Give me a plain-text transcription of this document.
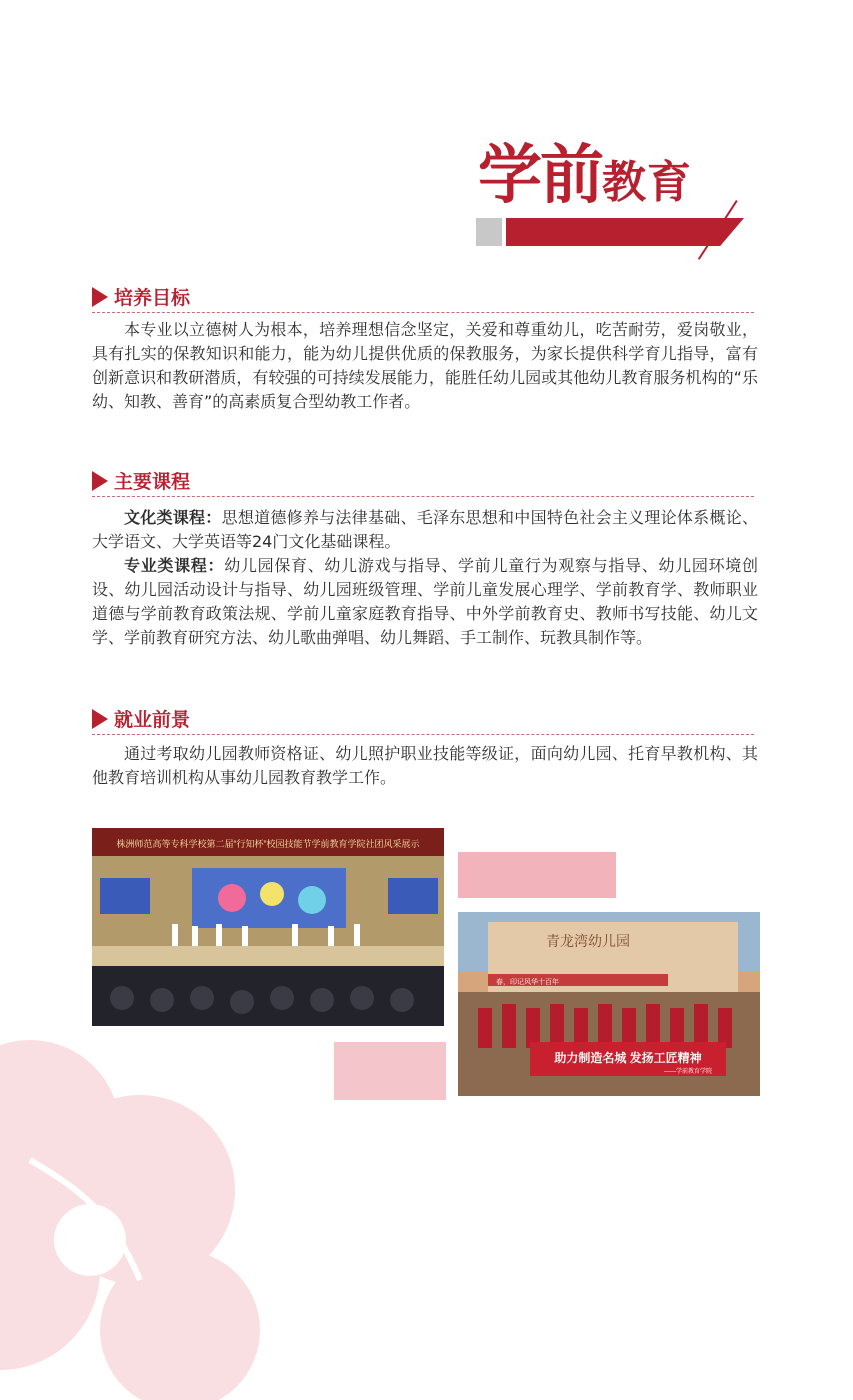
学前教育
培养目标

本专业以立德树人为根本，培养理想信念坚定，关爱和尊重幼儿，吃苦耐劳，爱岗敬业，具有扎实的保教知识和能力，能为幼儿提供优质的保教服务，为家长提供科学育儿指导，富有创新意识和教研潜质，有较强的可持续发展能力，能胜任幼儿园或其他幼儿教育服务机构的“乐幼、知教、善育”的高素质复合型幼教工作者。

主要课程

文化类课程：思想道德修养与法律基础、毛泽东思想和中国特色社会主义理论体系概论、大学语文、大学英语等24门文化基础课程。

专业类课程：幼儿园保育、幼儿游戏与指导、学前儿童行为观察与指导、幼儿园环境创设、幼儿园活动设计与指导、幼儿园班级管理、学前儿童发展心理学、学前教育学、教师职业道德与学前教育政策法规、学前儿童家庭教育指导、中外学前教育史、教师书写技能、幼儿文学、学前教育研究方法、幼儿歌曲弹唱、幼儿舞蹈、手工制作、玩教具制作等。

就业前景

通过考取幼儿园教师资格证、幼儿照护职业技能等级证，面向幼儿园、托育早教机构、其他教育培训机构从事幼儿园教育教学工作。

株洲师范高等专科学校第二届“行知杯”校园技能节学前教育学院社团风采展示
青龙湾幼儿园
春，印记风华十百年
助力制造名城 发扬工匠精神
——学前教育学院
